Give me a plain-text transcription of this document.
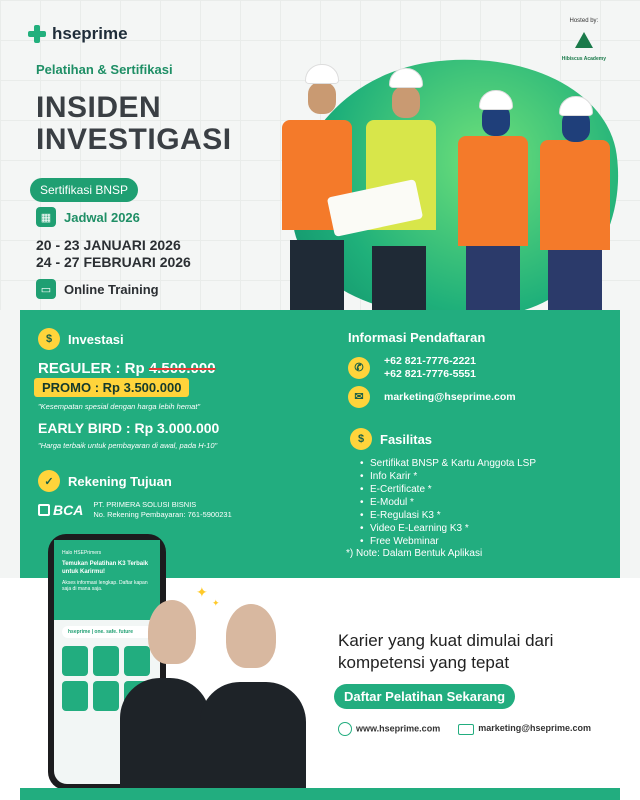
hseprime
Hosted by:
Hibiscus Academy
Pelatihan & Sertifikasi
INSIDEN
INVESTIGASI
Sertifikasi BNSP
▦ Jadwal 2026
20 - 23 JANUARI 2026
24 - 27 FEBRUARI 2026
▭ Online Training
$	Investasi
REGULER : Rp 4.500.000
PROMO : Rp 3.500.000
"Kesempatan spesial dengan harga lebih hemat"
EARLY BIRD : Rp 3.000.000
"Harga terbaik untuk pembayaran di awal, pada H-10"
✓	Rekening Tujuan
BCA PT. PRIMERA SOLUSI BISNIS
No. Rekening Pembayaran: 761-5900231
Informasi Pendaftaran
✆
+62 821-7776-2221
+62 821-7776-5551
✉	marketing@hseprime.com
$	Fasilitas
• Sertifikat BNSP & Kartu Anggota LSP
• Info Karir *
• E-Certificate *
• E-Modul *
• E-Regulasi K3 *
• Video E-Learning K3 *
• Free Webminar
*) Note: Dalam Bentuk Aplikasi
Halo HSEPrimers
Temukan Pelatihan K3 Terbaik untuk Karirmu!
Akses informasi lengkap. Daftar kapan saja di mana saja.
hseprime | one. safe. future
✦
✦
Karier yang kuat dimulai dari
kompetensi yang tepat
Daftar Pelatihan Sekarang
www.hseprime.com	marketing@hseprime.com
